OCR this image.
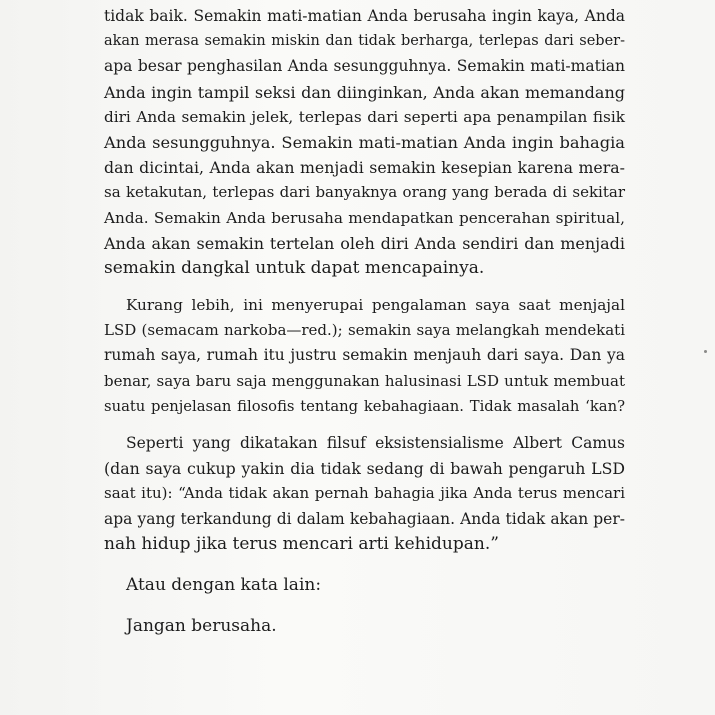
tidak baik. Semakin mati-matian Anda berusaha ingin kaya, Anda
akan merasa semakin miskin dan tidak berharga, terlepas dari seber-
apa besar penghasilan Anda sesungguhnya. Semakin mati-matian
Anda ingin tampil seksi dan diinginkan, Anda akan memandang
diri Anda semakin jelek, terlepas dari seperti apa penampilan fisik
Anda sesungguhnya. Semakin mati-matian Anda ingin bahagia
dan dicintai, Anda akan menjadi semakin kesepian karena mera-
sa ketakutan, terlepas dari banyaknya orang yang berada di sekitar
Anda. Semakin Anda berusaha mendapatkan pencerahan spiritual,
Anda akan semakin tertelan oleh diri Anda sendiri dan menjadi
semakin dangkal untuk dapat mencapainya.

Kurang lebih, ini menyerupai pengalaman saya saat menjajal
LSD (semacam narkoba—red.); semakin saya melangkah mendekati
rumah saya, rumah itu justru semakin menjauh dari saya. Dan ya
benar, saya baru saja menggunakan halusinasi LSD untuk membuat
suatu penjelasan filosofis tentang kebahagiaan. Tidak masalah ‘kan?

Seperti yang dikatakan filsuf eksistensialisme Albert Camus
(dan saya cukup yakin dia tidak sedang di bawah pengaruh LSD
saat itu): “Anda tidak akan pernah bahagia jika Anda terus mencari
apa yang terkandung di dalam kebahagiaan. Anda tidak akan per-
nah hidup jika terus mencari arti kehidupan.”

Atau dengan kata lain:

Jangan berusaha.
